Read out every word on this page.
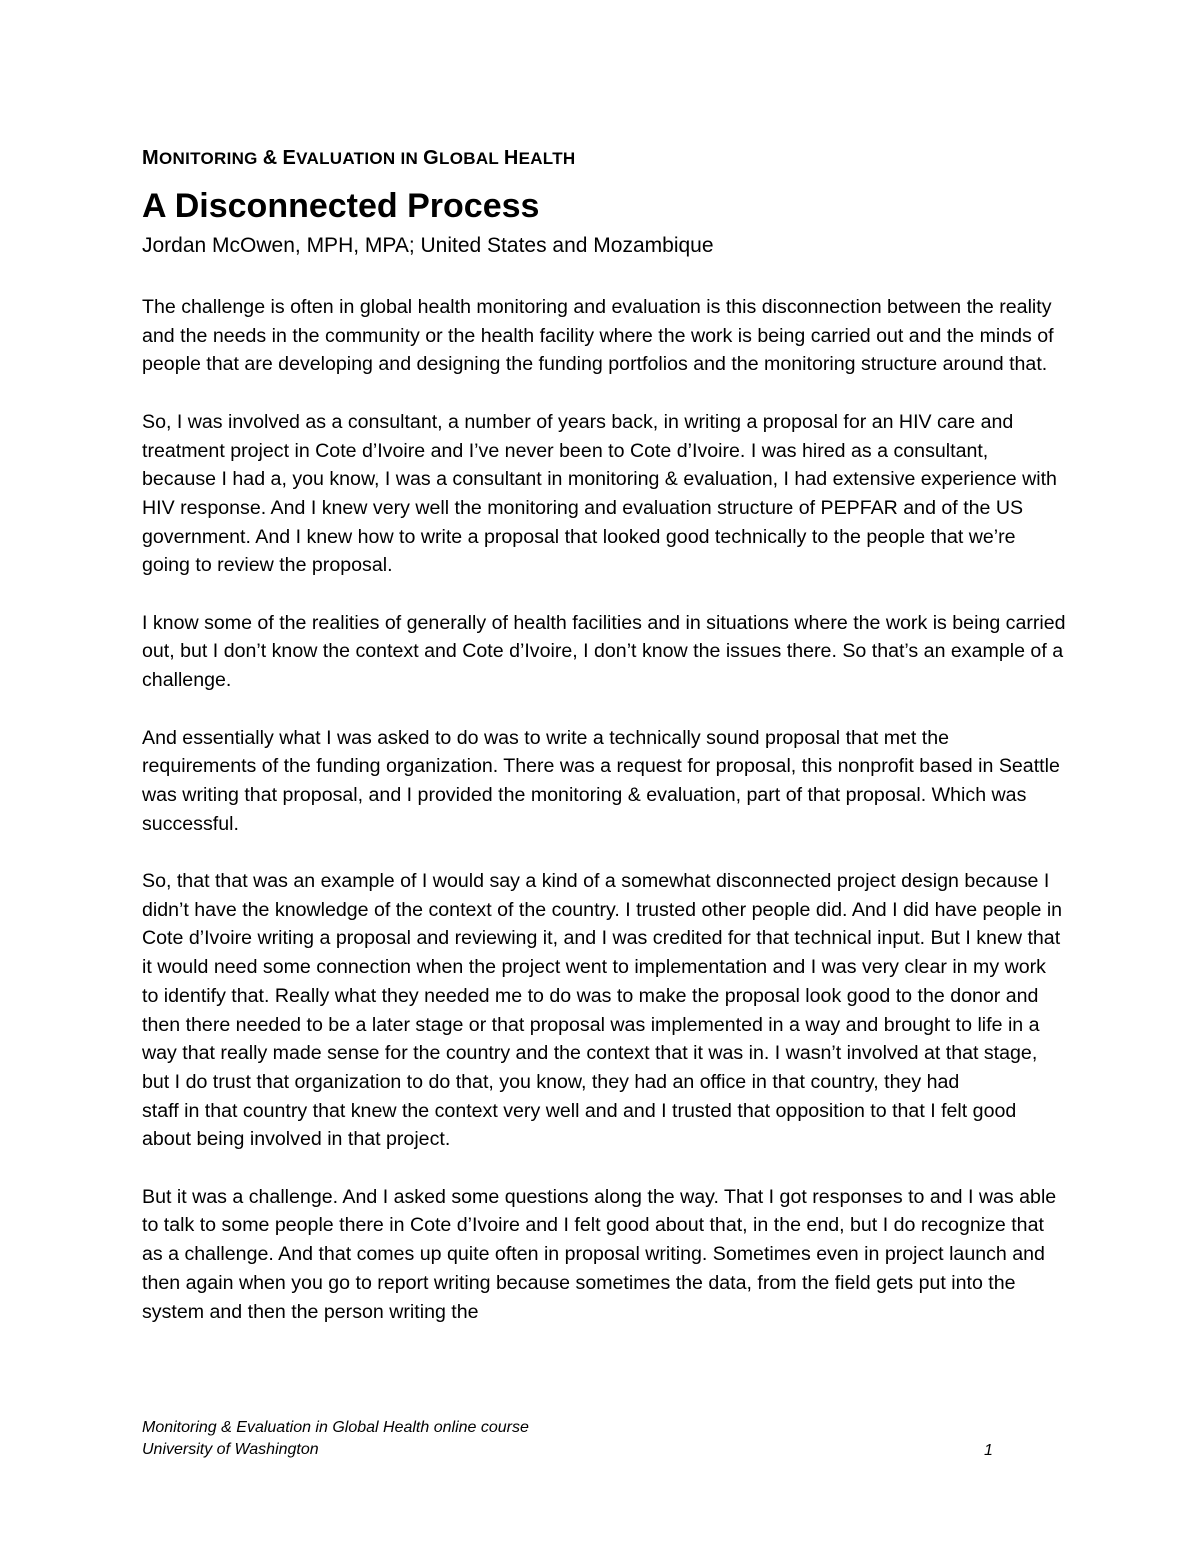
MONITORING & EVALUATION IN GLOBAL HEALTH
A Disconnected Process
Jordan McOwen, MPH, MPA; United States and Mozambique

The challenge is often in global health monitoring and evaluation is this disconnection between the reality and the needs in the community or the health facility where the work is being carried out and the minds of people that are developing and designing the funding portfolios and the monitoring structure around that.

So, I was involved as a consultant, a number of years back, in writing a proposal for an HIV care and treatment project in Cote d’Ivoire and I’ve never been to Cote d’Ivoire. I was hired as a consultant, because I had a, you know, I was a consultant in monitoring & evaluation, I had extensive experience with HIV response. And I knew very well the monitoring and evaluation structure of PEPFAR and of the US government. And I knew how to write a proposal that looked good technically to the people that we’re going to review the proposal.

I know some of the realities of generally of health facilities and in situations where the work is being carried out, but I don’t know the context and Cote d’Ivoire, I don’t know the issues there. So that’s an example of a challenge.

And essentially what I was asked to do was to write a technically sound proposal that met the requirements of the funding organization. There was a request for proposal, this nonprofit based in Seattle was writing that proposal, and I provided the monitoring & evaluation, part of that proposal. Which was successful.

So, that that was an example of I would say a kind of a somewhat disconnected project design because I didn’t have the knowledge of the context of the country. I trusted other people did. And I did have people in Cote d’Ivoire writing a proposal and reviewing it, and I was credited for that technical input. But I knew that it would need some connection when the project went to implementation and I was very clear in my work to identify that. Really what they needed me to do was to make the proposal look good to the donor and then there needed to be a later stage or that proposal was implemented in a way and brought to life in a way that really made sense for the country and the context that it was in. I wasn’t involved at that stage, but I do trust that organization to do that, you know, they had an office in that country, they had
staff in that country that knew the context very well and and I trusted that opposition to that I felt good about being involved in that project.

But it was a challenge. And I asked some questions along the way. That I got responses to and I was able to talk to some people there in Cote d’Ivoire and I felt good about that, in the end, but I do recognize that as a challenge. And that comes up quite often in proposal writing. Sometimes even in project launch and then again when you go to report writing because sometimes the data, from the field gets put into the system and then the person writing the

Monitoring & Evaluation in Global Health online course
University of Washington	1
